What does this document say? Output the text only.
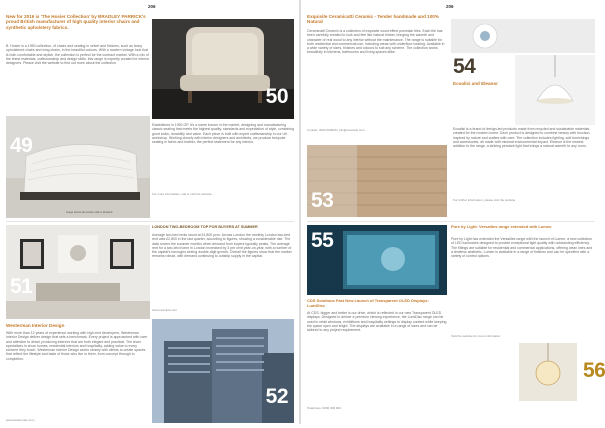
206	206
New for 2016 is 'The Hosier Collection' by BRADLEY PARRICK's proud British manufacturer of high quality interior chairs and synthetic upholstery fabrics.
B. Hosier is a 1950 collection, of chairs and seating in velvet and finishes, such as fancy upholstered chairs and wing chairs, in the beautiful colours. With a modern vintage look that is both comfortable and stylish, the collection is perfect for the contract market. With a mix of the finest materials, craftsmanship and design skills, this range is expertly curated for interior designers. Please visit the website to find out more about the collection.
49
Image shows the Hosier sofa in Mustard
50
Established in 1950 GP, it's a name known in the market, designing and manufacturing classic seating that meets the highest quality, standards and expectation of style, combining good looks, durability and value. Each piece is built with expert craftsmanship in our UK workshop. Working closely with interior designers and architects, we produce bespoke seating in fabric and leather, the perfect statement for any interior.
For more information, call or visit the website
51
Westerman Interior Design
With more than 12 years of experience working with high-end developers, Westerman Interior Design deliver design that sets a benchmark. Every project is approached with care and attention to detail, producing interiors that are both elegant and practical. The team specialises in show homes, residential interiors and hospitality, adding value to every scheme they touch. Westerman Interior Design works closely with clients to create spaces that reflect the lifestyle and taste of those who live in them, from concept through to completion.
www.westerman.com
LONDON TWO-BEDROOM TOP FOR BUYERS AT SUMMER
Average two-bed rents stood at £1,800 pcm. Across London the monthly London two-bed rent was £2,800 in the last quarter, according to figures, showing a considerable rise. The data covers the summer months when demand from buyers typically peaks. The average rent for a two-bed home in London increased by 3 per cent year-on-year, with a number of the capital's boroughs seeing double-digit growth. Overall the figures show that the market remains robust, with demand continuing to outstrip supply in the capital.
www.example.com
52
Exquisite Ceramicatti Ceramic - Tender handmade and 100% Natural
Ceramicatti Ceramic is a collection of exquisite wood effect porcelain tiles. Each tile has been carefully created to look and feel like natural timber, bringing the warmth and character of real wood to any interior without the maintenance. The range is suitable for both residential and commercial use, including areas with underfloor heating. Available in a wide variety of sizes, finishes and colours to suit any scheme. The collection works beautifully in kitchens, bathrooms and living spaces alike.
Contact: 0000 000000 | info@example.com
53
54
Ecoalisi and Eleanor
Ecoalisi is a brand of design-led products made from recycled and sustainable materials, created for the modern home. Each product is designed to combine beauty with function, inspired by nature and crafted with care. The collection includes lighting, soft furnishings and accessories, all made with minimal environmental impact. Eleanor is the newest addition to the range, a striking pendant light that brings a natural warmth to any room.
For further information, please visit the website
55
CDS Solutions Fast New Launch of Transparent OLED Displays: LumiDisc
At CDS, bigger and better is our drive, which is reflected in our new Transparent OLED displays. Designed to deliver a premium viewing experience, the LumiDisc range can be used in retail windows, exhibitions and hospitality settings to display content while keeping the space open and bright. The displays are available in a range of sizes and can be tailored to any project requirement.
Telephone: 0000 000 000
Pure by Light: Versailles range extended with Lumen
Pure by Light has extended the Versailles range with the launch of Lumen, a new collection of LED luminaires designed to provide exceptional light quality with outstanding efficiency. The fittings are suitable for residential and commercial applications, offering clean lines and a timeless aesthetic. Lumen is available in a range of finishes and can be specified with a variety of control options.
Visit the website for more information
56
